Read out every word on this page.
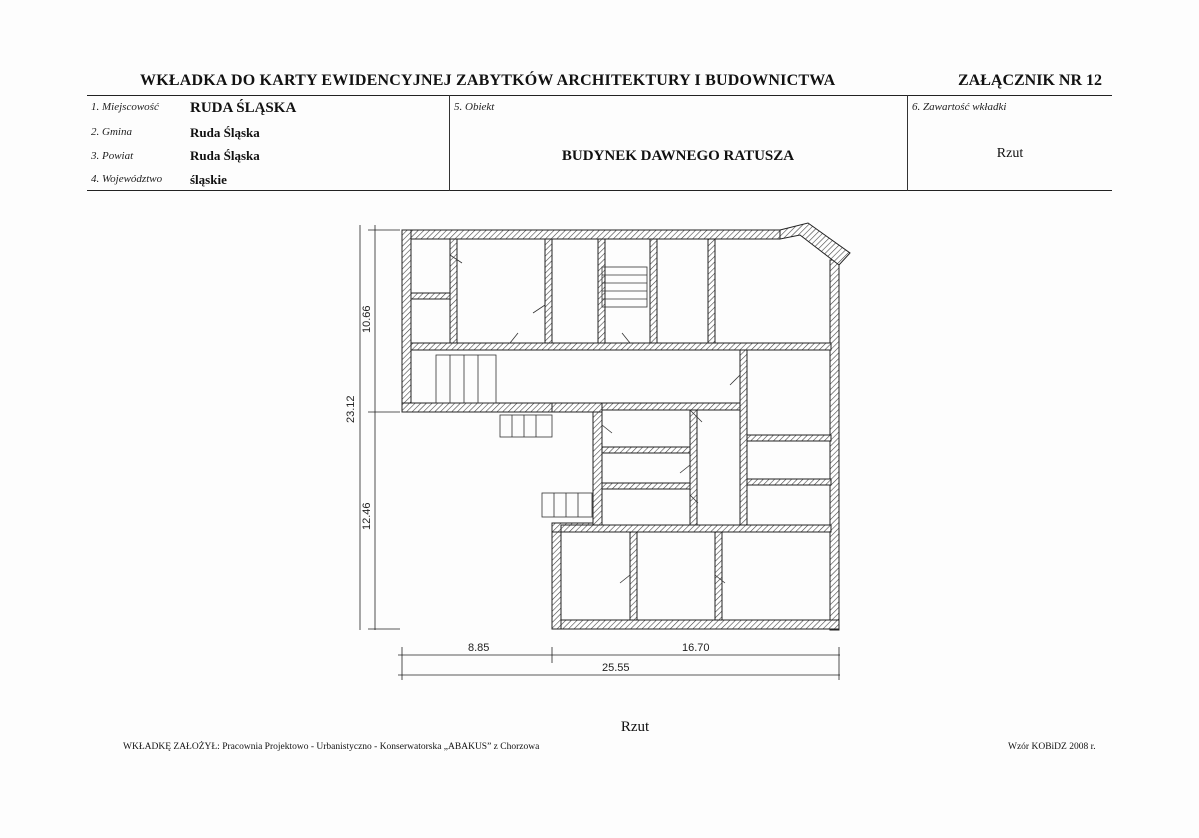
WKŁADKA DO KARTY EWIDENCYJNEJ ZABYTKÓW ARCHITEKTURY I BUDOWNICTWA	ZAŁĄCZNIK NR 12
1. Miejscowość RUDA ŚLĄSKA
2. Gmina	Ruda Śląska
3. Powiat	Ruda Śląska
4. Województwo śląskie
5. Obiekt
BUDYNEK DAWNEGO RATUSZA
6. Zawartość wkładki
Rzut
10.66
23.12
12.46
8.85	16.70
25.55
Rzut
WKŁADKĘ ZAŁOŻYŁ: Pracownia Projektowo - Urbanistyczno - Konserwatorska „ABAKUS” z Chorzowa	Wzór KOBiDZ 2008 r.
